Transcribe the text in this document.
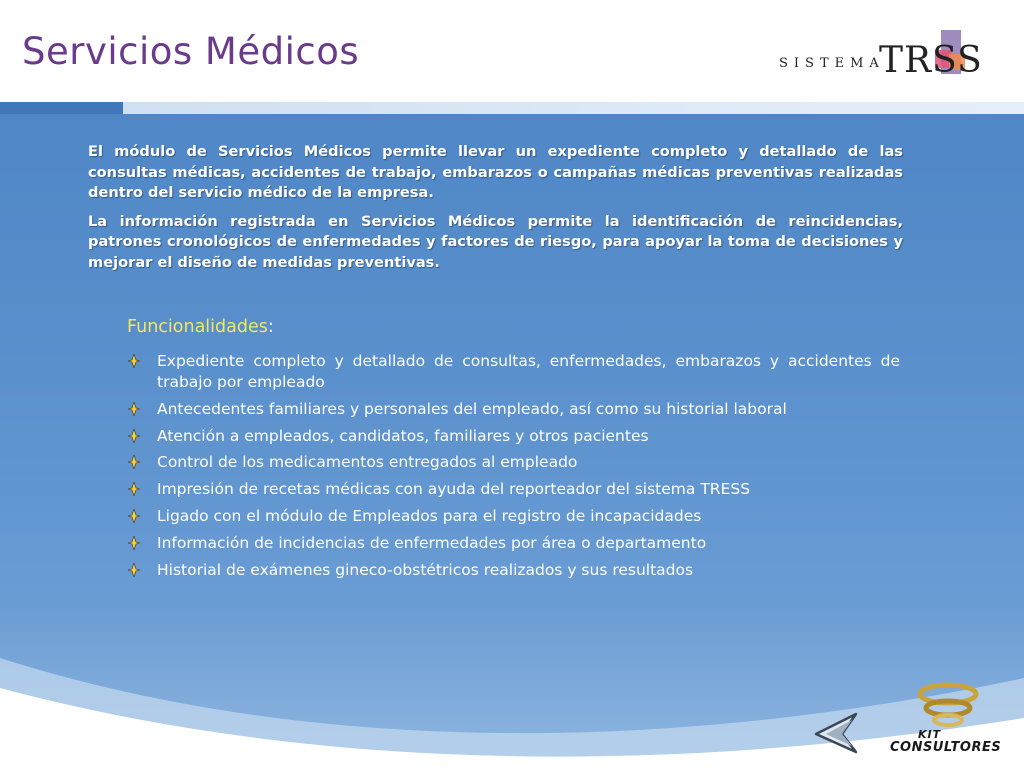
Servicios Médicos	SISTEMA
TRSS

El módulo de Servicios Médicos permite llevar un expediente completo y detallado de las consultas médicas, accidentes de trabajo, embarazos o campañas médicas preventivas realizadas dentro del servicio médico de la empresa.

La información registrada en Servicios Médicos permite la identificación de reincidencias, patrones cronológicos de enfermedades y factores de riesgo, para apoyar la toma de decisiones y mejorar el diseño de medidas preventivas.

Funcionalidades:
Expediente completo y detallado de consultas, enfermedades, embarazos y accidentes de trabajo por empleado
Antecedentes familiares y personales del empleado, así como su historial laboral
Atención a empleados, candidatos, familiares y otros pacientes
Control de los medicamentos entregados al empleado
Impresión de recetas médicas con ayuda del reporteador del sistema TRESS
Ligado con el módulo de Empleados para el registro de incapacidades
Información de incidencias de enfermedades por área o departamento
Historial de exámenes gineco-obstétricos realizados y sus resultados
KIT
CONSULTORES
